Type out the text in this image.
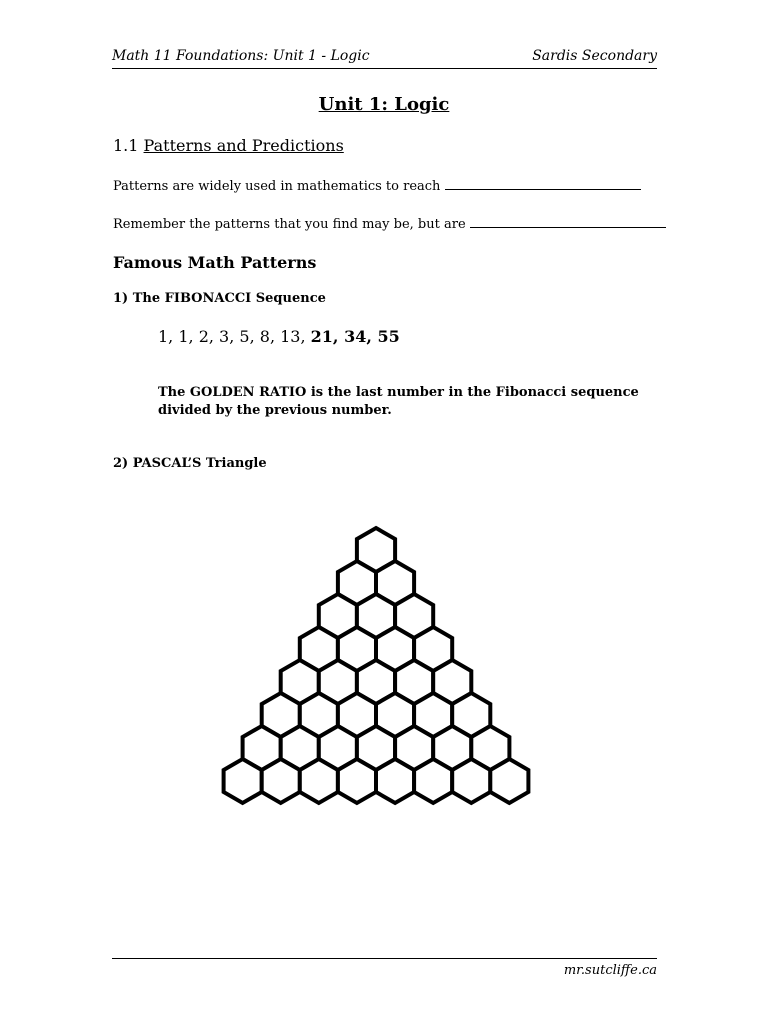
Math 11 Foundations: Unit 1 - Logic	Sardis Secondary
Unit 1: Logic
1.1 Patterns and Predictions
Patterns are widely used in mathematics to reach
Remember the patterns that you find may be, but are
Famous Math Patterns
1) The FIBONACCI Sequence
1, 1, 2, 3, 5, 8, 13, 21, 34, 55
The GOLDEN RATIO is the last number in the Fibonacci sequence divided by the previous number.
2) PASCAL’S Triangle
mr.sutcliffe.ca
